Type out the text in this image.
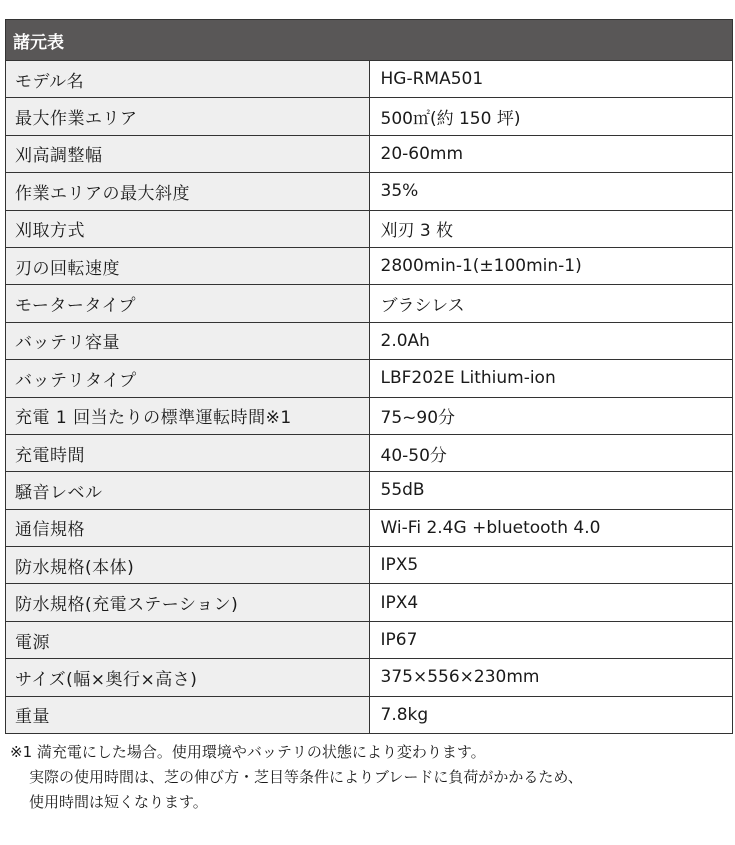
諸元表	
モデル名	HG-RMA501
最大作業エリア	500㎡(約 150 坪)
刈高調整幅	20-60mm
作業エリアの最大斜度	35%
刈取方式	刈刃 3 枚
刃の回転速度	2800min-1(±100min-1)
モータータイプ	ブラシレス
バッテリ容量	2.0Ah
バッテリタイプ	LBF202E Lithium-ion
充電 1 回当たりの標準運転時間※1	75~90分
充電時間	40-50分
騒音レベル	55dB
通信規格	Wi-Fi 2.4G +bluetooth 4.0
防水規格(本体)	IPX5
防水規格(充電ステーション)	IPX4
電源	IP67
サイズ(幅×奥行×高さ)	375×556×230mm
重量	7.8kg
※1 満充電にした場合。使用環境やバッテリの状態により変わります。
実際の使用時間は、芝の伸び方・芝目等条件によりブレードに負荷がかかるため、
使用時間は短くなります。
